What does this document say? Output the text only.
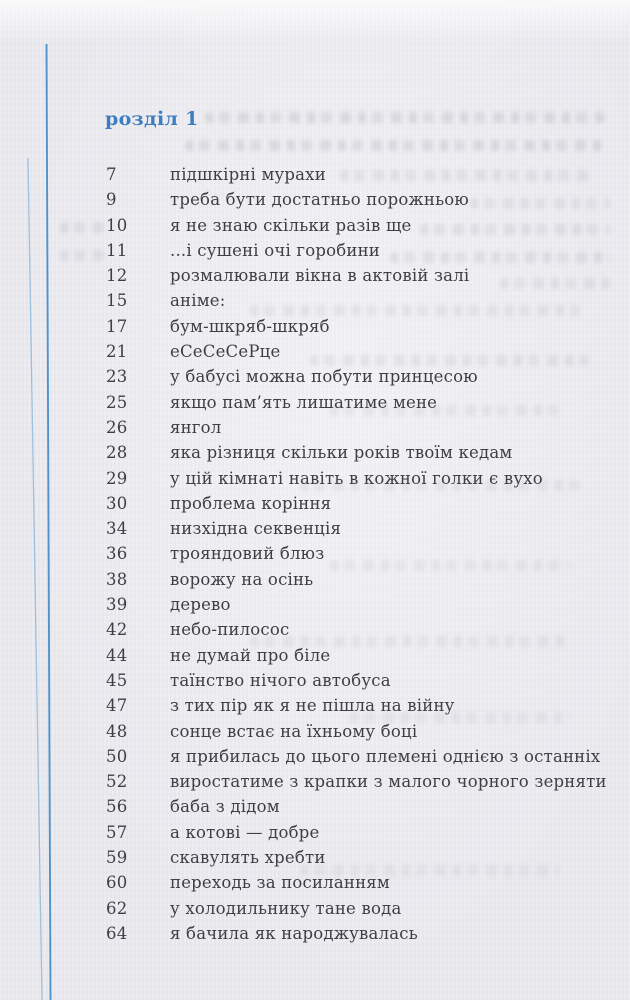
розділ 1
7	підшкірні мурахи
9	треба бути достатньо порожньою
10	я не знаю скільки разів ще
11	...і сушені очі горобини
12	розмалювали вікна в актовій залі
15	аніме:
17	бум-шкряб-шкряб
21	еСеСеСеРце
23	у бабусі можна побути принцесою
25	якщо пам’ять лишатиме мене
26	янгол
28	яка різниця скільки років твоїм кедам
29	у цій кімнаті навіть в кожної голки є вухо
30	проблема коріння
34	низхідна секвенція
36	трояндовий блюз
38	ворожу на осінь
39	дерево
42	небо-пилосос
44	не думай про біле
45	таїнство нічого автобуса
47	з тих пір як я не пішла на війну
48	сонце встає на їхньому боці
50	я прибилась до цього племені однією з останніх
52	виростатиме з крапки з малого чорного зерняти
56	баба з дідом
57	а котові — добре
59	скавулять хребти
60	переходь за посиланням
62	у холодильнику тане вода
64	я бачила як народжувалась
